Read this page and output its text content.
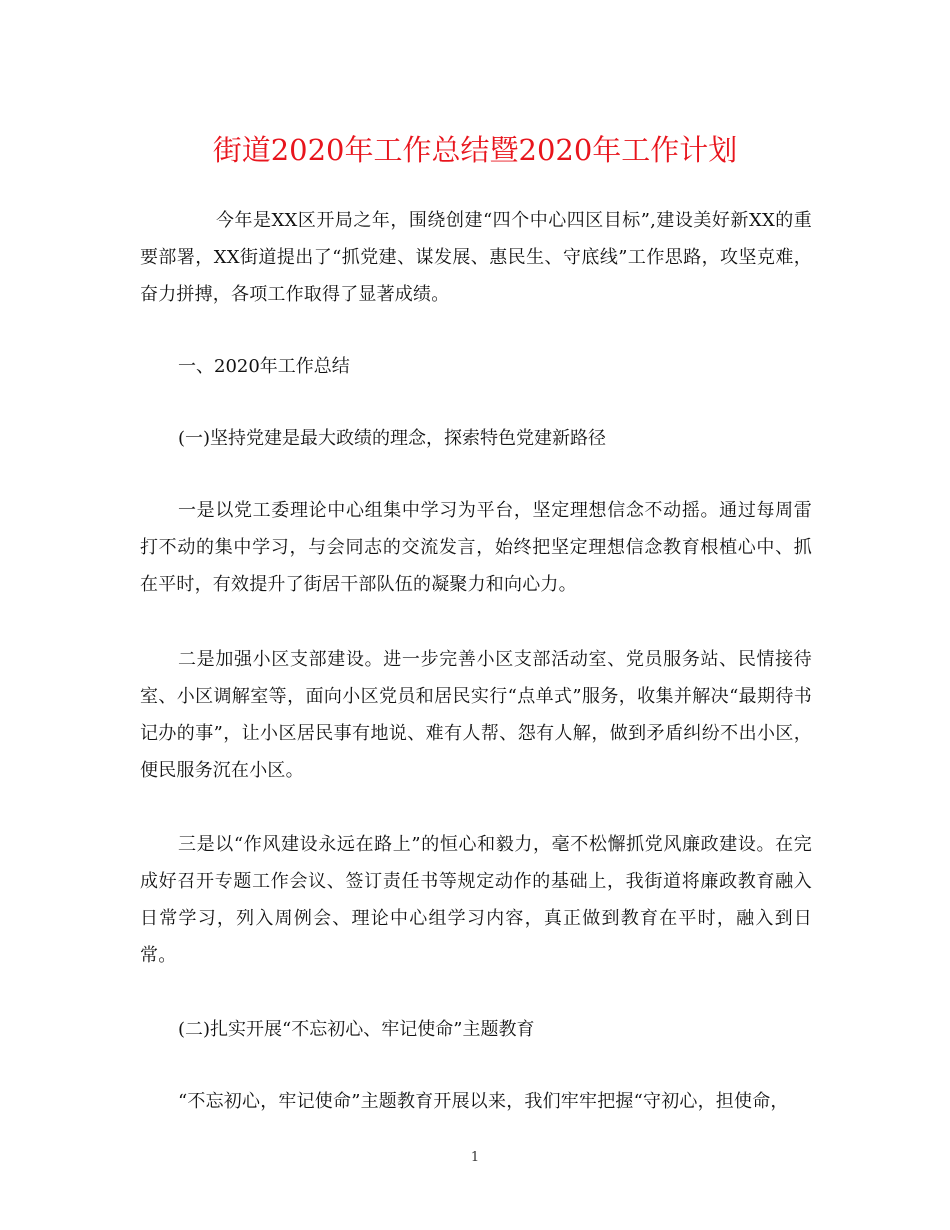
街道2020年工作总结暨2020年工作计划

今年是XX区开局之年，围绕创建“四个中心四区目标”,建设美好新XX的重要部署，XX街道提出了“抓党建、谋发展、惠民生、守底线”工作思路，攻坚克难，奋力拼搏，各项工作取得了显著成绩。

一、2020年工作总结

(一)坚持党建是最大政绩的理念，探索特色党建新路径

一是以党工委理论中心组集中学习为平台，坚定理想信念不动摇。通过每周雷打不动的集中学习，与会同志的交流发言，始终把坚定理想信念教育根植心中、抓在平时，有效提升了街居干部队伍的凝聚力和向心力。

二是加强小区支部建设。进一步完善小区支部活动室、党员服务站、民情接待室、小区调解室等，面向小区党员和居民实行“点单式”服务，收集并解决“最期待书记办的事”，让小区居民事有地说、难有人帮、怨有人解，做到矛盾纠纷不出小区，便民服务沉在小区。

三是以“作风建设永远在路上”的恒心和毅力，毫不松懈抓党风廉政建设。在完成好召开专题工作会议、签订责任书等规定动作的基础上，我街道将廉政教育融入日常学习，列入周例会、理论中心组学习内容，真正做到教育在平时，融入到日常。

(二)扎实开展“不忘初心、牢记使命”主题教育

“不忘初心，牢记使命”主题教育开展以来，我们牢牢把握“守初心，担使命，

1
